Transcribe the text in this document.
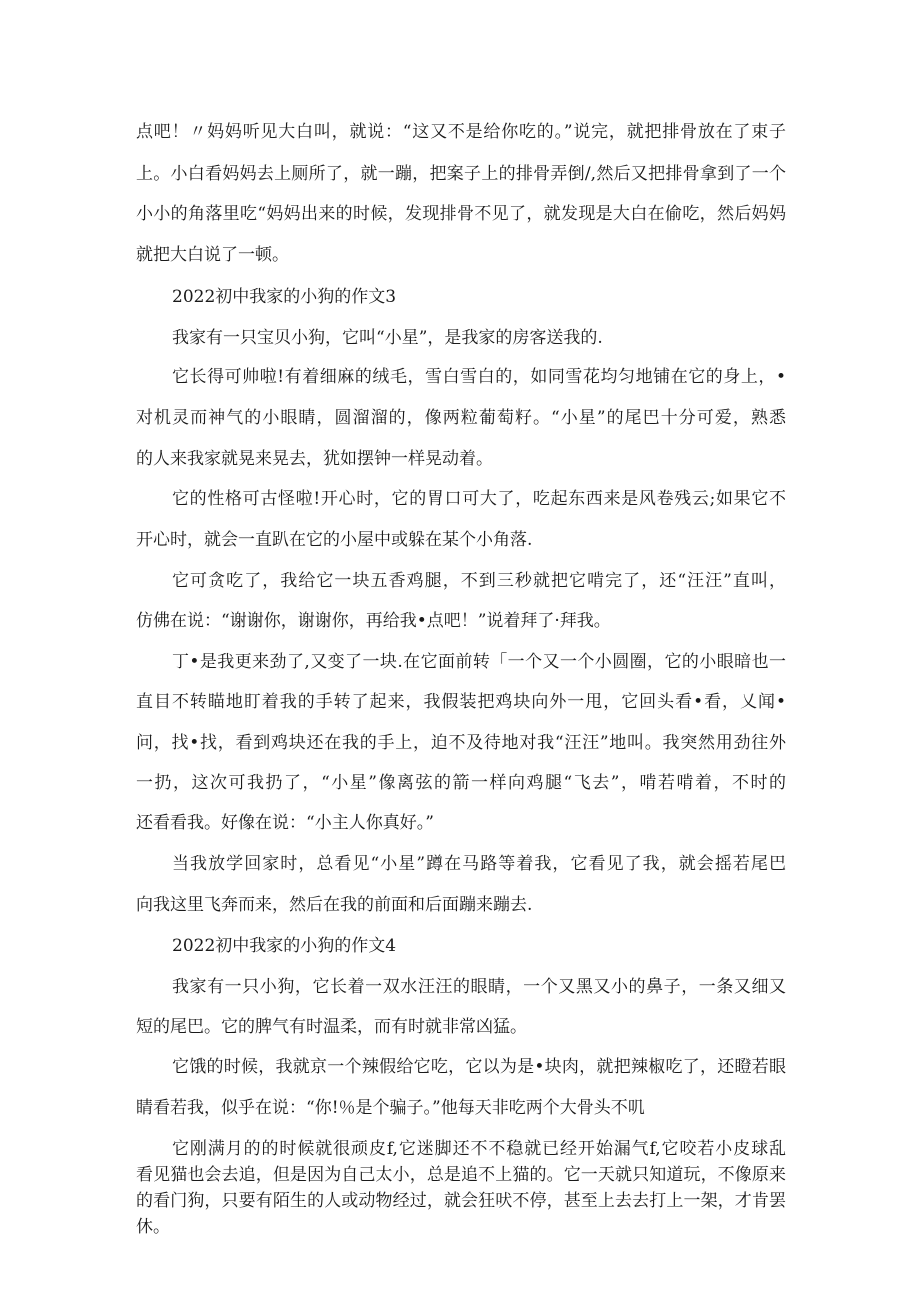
点吧！〃妈妈听见大白叫，就说：“这又不是给你吃的。”说完，就把排骨放在了束子
上。小白看妈妈去上厕所了，就一蹦，把案子上的排骨弄倒/,然后又把排骨拿到了一个
小小的角落里吃“妈妈出来的时候，发现排骨不见了，就发现是大白在偷吃，然后妈妈
就把大白说了一顿。
2022初中我家的小狗的作文3
我家有一只宝贝小狗，它叫“小星”，是我家的房客送我的.
它长得可帅啦!有着细麻的绒毛，雪白雪白的，如同雪花均匀地铺在它的身上，•
对机灵而神气的小眼睛，圆溜溜的，像两粒葡萄籽。“小星”的尾巴十分可爱，熟悉
的人来我家就晃来晃去，犹如摆钟一样晃动着。
它的性格可古怪啦!开心时，它的胃口可大了，吃起东西来是风卷残云;如果它不
开心时，就会一直趴在它的小屋中或躲在某个小角落.
它可贪吃了，我给它一块五香鸡腿，不到三秒就把它啃完了，还“汪汪”直叫，
仿佛在说：“谢谢你，谢谢你，再给我•点吧！”说着拜了·拜我。
丁•是我更来劲了,又变了一块.在它面前转「一个又一个小圆圈，它的小眼暗也一
直目不转瞄地盯着我的手转了起来，我假装把鸡块向外一甩，它回头看•看，乂闻•
问，找•找，看到鸡块还在我的手上，迫不及待地对我“汪汪”地叫。我突然用劲往外
一扔，这次可我扔了，“小星”像离弦的箭一样向鸡腿“飞去”，啃若啃着，不时的
还看看我。好像在说：“小主人你真好。”
当我放学回家时，总看见“小星”蹲在马路等着我，它看见了我，就会摇若尾巴
向我这里飞奔而来，然后在我的前面和后面蹦来蹦去.
2022初中我家的小狗的作文4
我家有一只小狗，它长着一双水汪汪的眼睛，一个又黑又小的鼻子，一条又细又
短的尾巴。它的脾气有时温柔，而有时就非常凶猛。
它饿的时候，我就京一个辣假给它吃，它以为是•块肉，就把辣椒吃了，还瞪若眼
睛看若我，似乎在说：“你!％是个骗子。”他每天非吃两个大骨头不叽
它刚满月的的时候就很顽皮f,它迷脚还不不稳就已经开始漏气f,它咬若小皮球乱
看见猫也会去追，但是因为自己太小，总是追不上猫的。它一天就只知道玩，不像原来
的看门狗，只要有陌生的人或动物经过，就会狂吠不停，甚至上去去打上一架，才肯罢
休。
